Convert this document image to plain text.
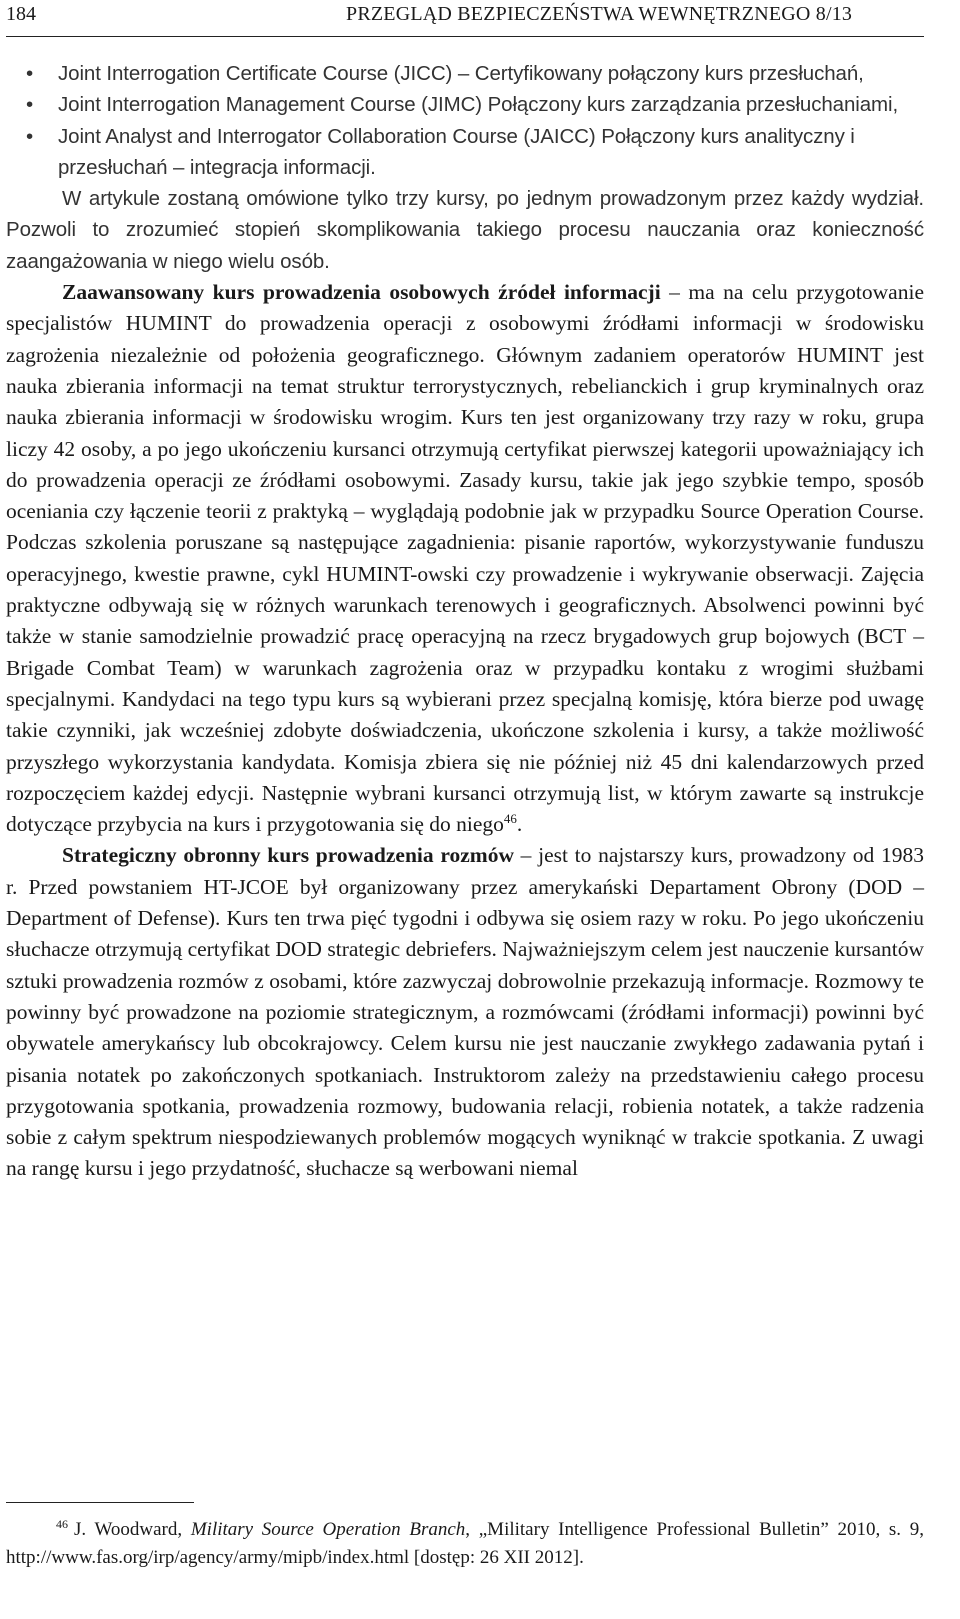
184	PRZEGLĄD BEZPIECZEŃSTWA WEWNĘTRZNEGO 8/13
• Joint Interrogation Certificate Course (JICC) – Certyfikowany połączony kurs przesłuchań,
• Joint Interrogation Management Course (JIMC) Połączony kurs zarządzania przesłuchaniami,
• Joint Analyst and Interrogator Collaboration Course (JAICC) Połączony kurs analityczny i przesłuchań – integracja informacji.

W artykule zostaną omówione tylko trzy kursy, po jednym prowadzonym przez każdy wydział. Pozwoli to zrozumieć stopień skomplikowania takiego procesu nauczania oraz konieczność zaangażowania w niego wielu osób.

Zaawansowany kurs prowadzenia osobowych źródeł informacji – ma na celu przygotowanie specjalistów HUMINT do prowadzenia operacji z osobowymi źródłami informacji w środowisku zagrożenia niezależnie od położenia geograficznego. Głównym zadaniem operatorów HUMINT jest nauka zbierania informacji na temat struktur terrorystycznych, rebelianckich i grup kryminalnych oraz nauka zbierania informacji w środowisku wrogim. Kurs ten jest organizowany trzy razy w roku, grupa liczy 42 osoby, a po jego ukończeniu kursanci otrzymują certyfikat pierwszej kategorii upoważniający ich do prowadzenia operacji ze źródłami osobowymi. Zasady kursu, takie jak jego szybkie tempo, sposób oceniania czy łączenie teorii z praktyką – wyglądają podobnie jak w przypadku Source Operation Course. Podczas szkolenia poruszane są następujące zagadnienia: pisanie raportów, wykorzystywanie funduszu operacyjnego, kwestie prawne, cykl HUMINT-owski czy prowadzenie i wykrywanie obserwacji. Zajęcia praktyczne odbywają się w różnych warunkach terenowych i geograficznych. Absolwenci powinni być także w stanie samodzielnie prowadzić pracę operacyjną na rzecz brygadowych grup bojowych (BCT – Brigade Combat Team) w warunkach zagrożenia oraz w przypadku kontaku z wrogimi służbami specjalnymi. Kandydaci na tego typu kurs są wybierani przez specjalną komisję, która bierze pod uwagę takie czynniki, jak wcześniej zdobyte doświadczenia, ukończone szkolenia i kursy, a także możliwość przyszłego wykorzystania kandydata. Komisja zbiera się nie później niż 45 dni kalendarzowych przed rozpoczęciem każdej edycji. Następnie wybrani kursanci otrzymują list, w którym zawarte są instrukcje dotyczące przybycia na kurs i przygotowania się do niego$^{46}$.

Strategiczny obronny kurs prowadzenia rozmów – jest to najstarszy kurs, prowadzony od 1983 r. Przed powstaniem HT-JCOE był organizowany przez amerykański Departament Obrony (DOD – Department of Defense). Kurs ten trwa pięć tygodni i odbywa się osiem razy w roku. Po jego ukończeniu słuchacze otrzymują certyfikat DOD strategic debriefers. Najważniejszym celem jest nauczenie kursantów sztuki prowadzenia rozmów z osobami, które zazwyczaj dobrowolnie przekazują informacje. Rozmowy te powinny być prowadzone na poziomie strategicznym, a rozmówcami (źródłami informacji) powinni być obywatele amerykańscy lub obcokrajowcy. Celem kursu nie jest nauczanie zwykłego zadawania pytań i pisania notatek po zakończonych spotkaniach. Instruktorom zależy na przedstawieniu całego procesu przygotowania spotkania, prowadzenia rozmowy, budowania relacji, robienia notatek, a także radzenia sobie z całym spektrum niespodziewanych problemów mogących wyniknąć w trakcie spotkania. Z uwagi na rangę kursu i jego przydatność, słuchacze są werbowani niemal

$^{46}$ J. Woodward, Military Source Operation Branch, „Military Intelligence Professional Bulletin” 2010, s. 9, http://www.fas.org/irp/agency/army/mipb/index.html [dostęp: 26 XII 2012].
